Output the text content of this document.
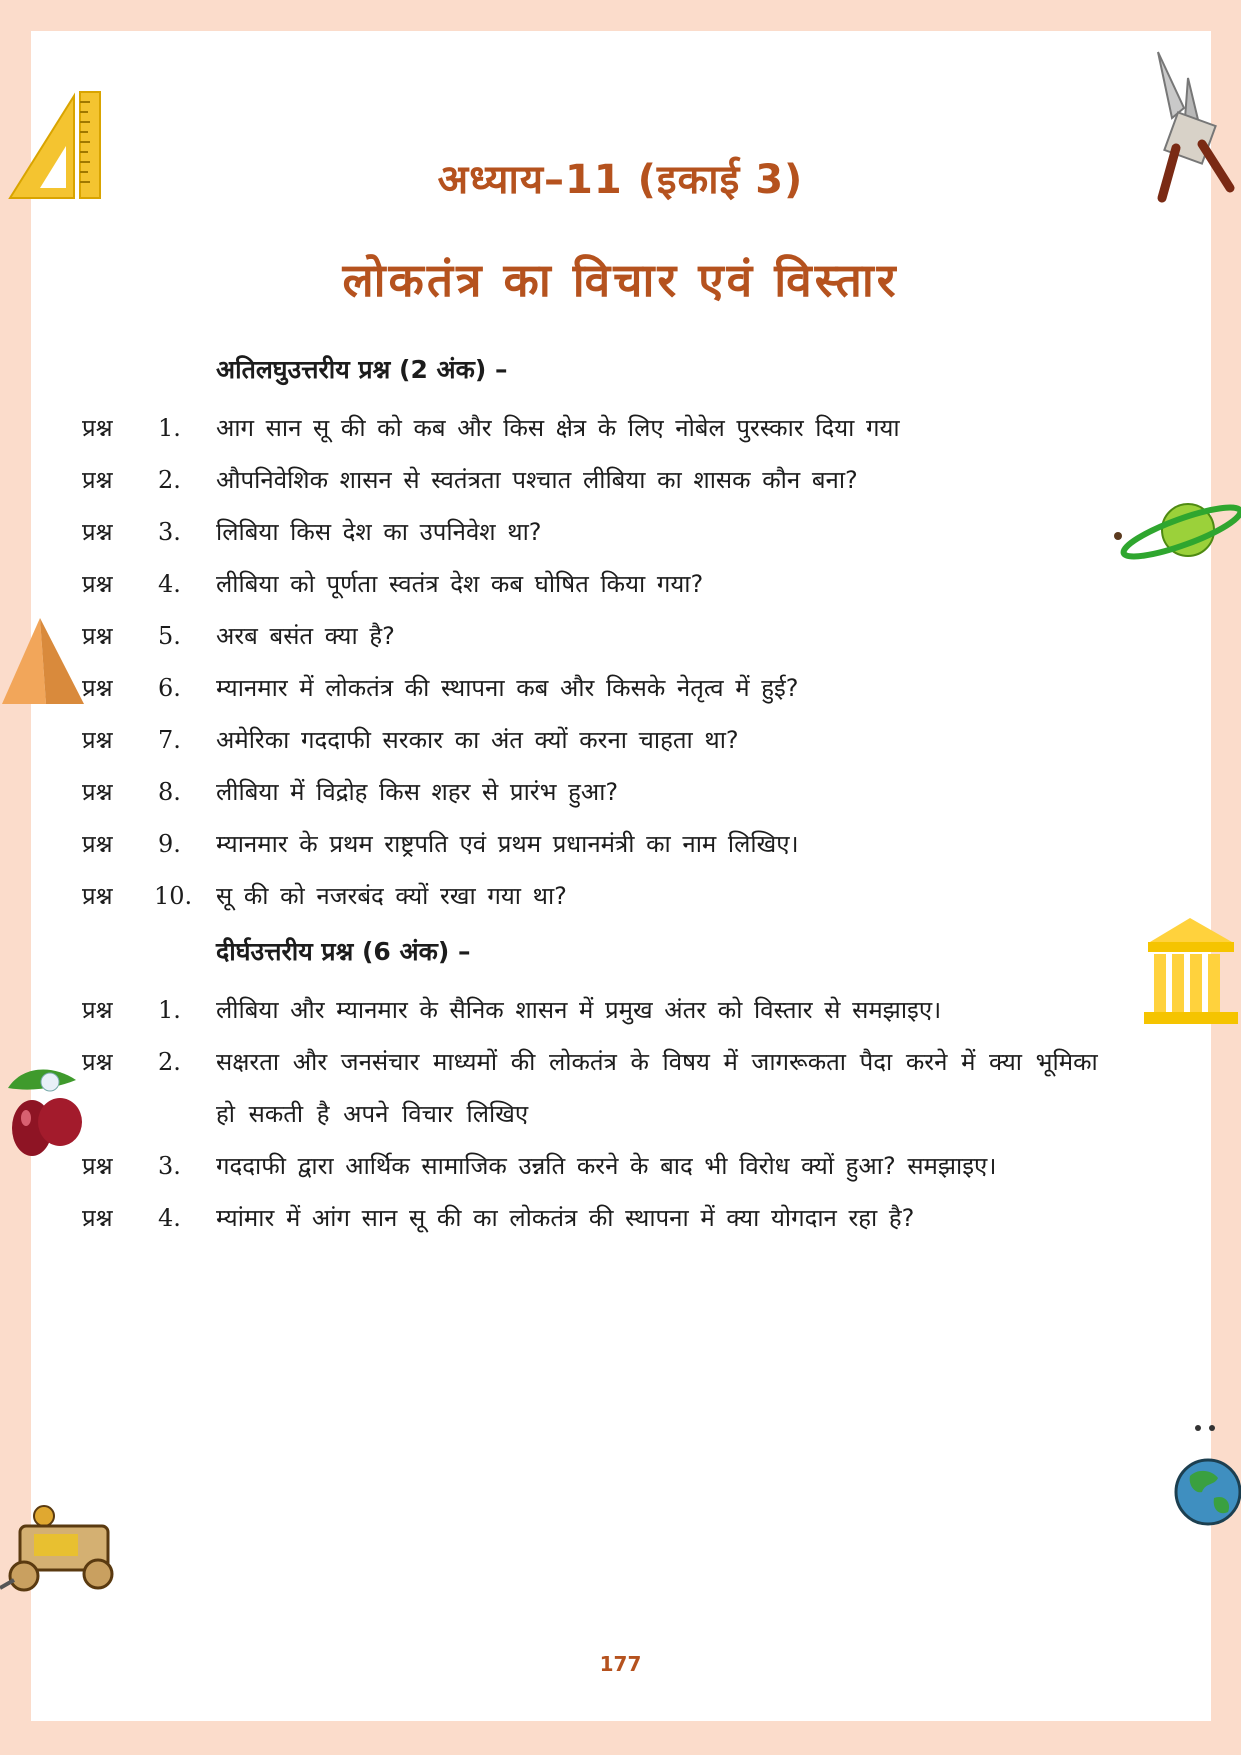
अध्याय–11 (इकाई 3)
लोकतंत्र का विचार एवं विस्तार
अतिलघुउत्तरीय प्रश्न (2 अंक) –
प्रश्न 1. आग सान सू की को कब और किस क्षेत्र के लिए नोबेल पुरस्कार दिया गया
प्रश्न 2. औपनिवेशिक शासन से स्वतंत्रता पश्चात लीबिया का शासक कौन बना?
प्रश्न 3. लिबिया किस देश का उपनिवेश था?
प्रश्न 4. लीबिया को पूर्णता स्वतंत्र देश कब घोषित किया गया?
प्रश्न 5. अरब बसंत क्या है?
प्रश्न 6. म्यानमार में लोकतंत्र की स्थापना कब और किसके नेतृत्व में हुई?
प्रश्न 7. अमेरिका गददाफी सरकार का अंत क्यों करना चाहता था?
प्रश्न 8. लीबिया में विद्रोह किस शहर से प्रारंभ हुआ?
प्रश्न 9. म्यानमार के प्रथम राष्ट्रपति एवं प्रथम प्रधानमंत्री का नाम लिखिए।
प्रश्न 10. सू की को नजरबंद क्यों रखा गया था?
दीर्घउत्तरीय प्रश्न (6 अंक) –
प्रश्न 1. लीबिया और म्यानमार के सैनिक शासन में प्रमुख अंतर को विस्तार से समझाइए।
प्रश्न 2. सक्षरता और जनसंचार माध्यमों की लोकतंत्र के विषय में जागरूकता पैदा करने में क्या भूमिका हो सकती है अपने विचार लिखिए
प्रश्न 3. गददाफी द्वारा आर्थिक सामाजिक उन्नति करने के बाद भी विरोध क्यों हुआ? समझाइए।
प्रश्न 4. म्यांमार में आंग सान सू की का लोकतंत्र की स्थापना में क्या योगदान रहा है?
177
